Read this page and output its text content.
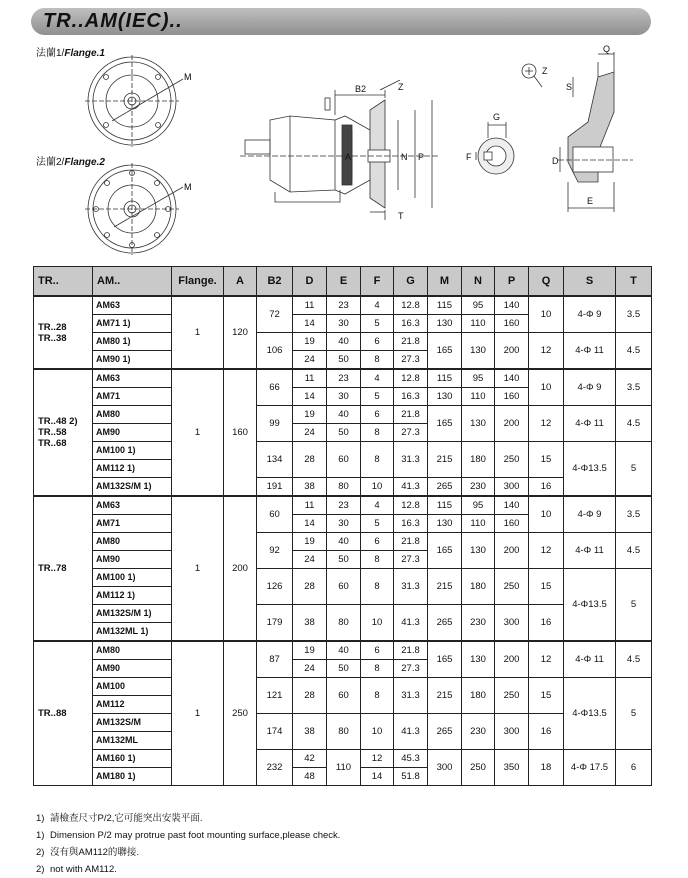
TR..AM(IEC)..
法蘭1/Flange.1
法蘭2/Flange.2
M
M
B2	Z
A	N P
T
G
F
Z
Q
S
D
E
TR..	AM..	Flange.	A	B2	D	E	F	G	M	N	P	Q	S	T
TR..28
TR..38	AM63	1	120	72	11	23	4	12.8	115	95	140	10	4-Φ 9	3.5
	AM71 1)				14	30	5	16.3	130	110	160			
	AM80 1)			106	19	40	6	21.8	165	130	200	12	4-Φ 11	4.5
	AM90 1)				24	50	8	27.3						
TR..48 2)
TR..58
TR..68	AM63	1	160	66	11	23	4	12.8	115	95	140	10	4-Φ 9	3.5
	AM71				14	30	5	16.3	130	110	160			
	AM80			99	19	40	6	21.8	165	130	200	12	4-Φ 11	4.5
	AM90				24	50	8	27.3						
	AM100 1)			134	28	60	8	31.3	215	180	250	15	4-Φ13.5	5
	AM112 1)													
	AM132S/M 1)			191	38	80	10	41.3	265	230	300	16		
TR..78	AM63	1	200	60	11	23	4	12.8	115	95	140	10	4-Φ 9	3.5
	AM71				14	30	5	16.3	130	110	160			
	AM80			92	19	40	6	21.8	165	130	200	12	4-Φ 11	4.5
	AM90				24	50	8	27.3						
	AM100 1)			126	28	60	8	31.3	215	180	250	15	4-Φ13.5	5
	AM112 1)													
	AM132S/M 1)			179	38	80	10	41.3	265	230	300	16		
	AM132ML 1)													
TR..88	AM80	1	250	87	19	40	6	21.8	165	130	200	12	4-Φ 11	4.5
	AM90				24	50	8	27.3						
	AM100			121	28	60	8	31.3	215	180	250	15	4-Φ13.5	5
	AM112													
	AM132S/M			174	38	80	10	41.3	265	230	300	16		
	AM132ML													
	AM160 1)			232	42	110	12	45.3	300	250	350	18	4-Φ 17.5	6
	AM180 1)				48		14	51.8						
1) 請檢查尺寸P/2,它可能突出安裝平面.
1) Dimension P/2 may protrue past foot mounting surface,please check.
2) 沒有與AM112的聯接.
2) not with AM112.
